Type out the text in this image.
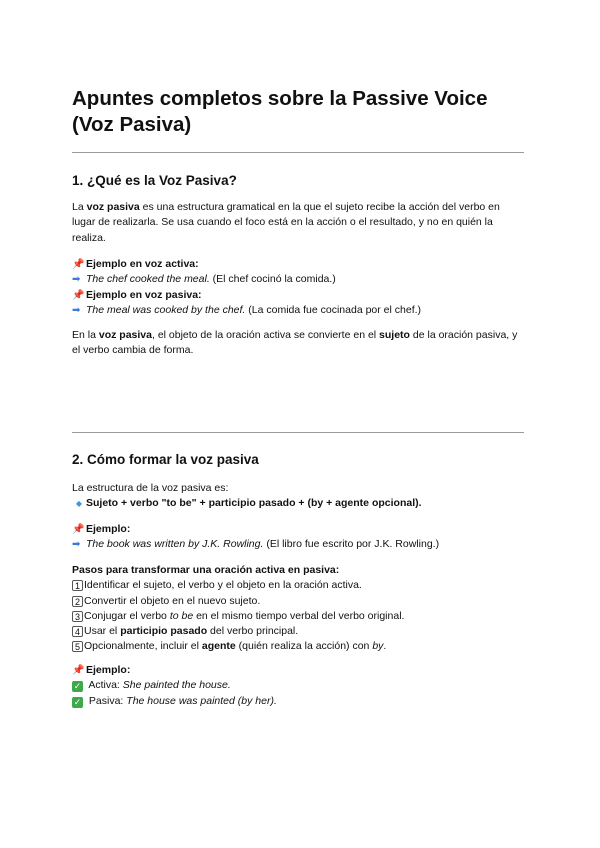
Apuntes completos sobre la Passive Voice (Voz Pasiva)
1. ¿Qué es la Voz Pasiva?

La voz pasiva es una estructura gramatical en la que el sujeto recibe la acción del verbo en lugar de realizarla. Se usa cuando el foco está en la acción o el resultado, y no en quién la realiza.

📌 Ejemplo en voz activa:
➡ The chef cooked the meal. (El chef cocinó la comida.)
📌 Ejemplo en voz pasiva:
➡ The meal was cooked by the chef. (La comida fue cocinada por el chef.)

En la voz pasiva, el objeto de la oración activa se convierte en el sujeto de la oración pasiva, y el verbo cambia de forma.

2. Cómo formar la voz pasiva
La estructura de la voz pasiva es:
◆ Sujeto + verbo "to be" + participio pasado + (by + agente opcional).
📌 Ejemplo:
➡ The book was written by J.K. Rowling. (El libro fue escrito por J.K. Rowling.)
Pasos para transformar una oración activa en pasiva:
1 Identificar el sujeto, el verbo y el objeto en la oración activa.
2 Convertir el objeto en el nuevo sujeto.
3 Conjugar el verbo to be en el mismo tiempo verbal del verbo original.
4 Usar el participio pasado del verbo principal.
5 Opcionalmente, incluir el agente (quién realiza la acción) con by.
📌 Ejemplo:
✓ Activa: She painted the house.
✓ Pasiva: The house was painted (by her).
